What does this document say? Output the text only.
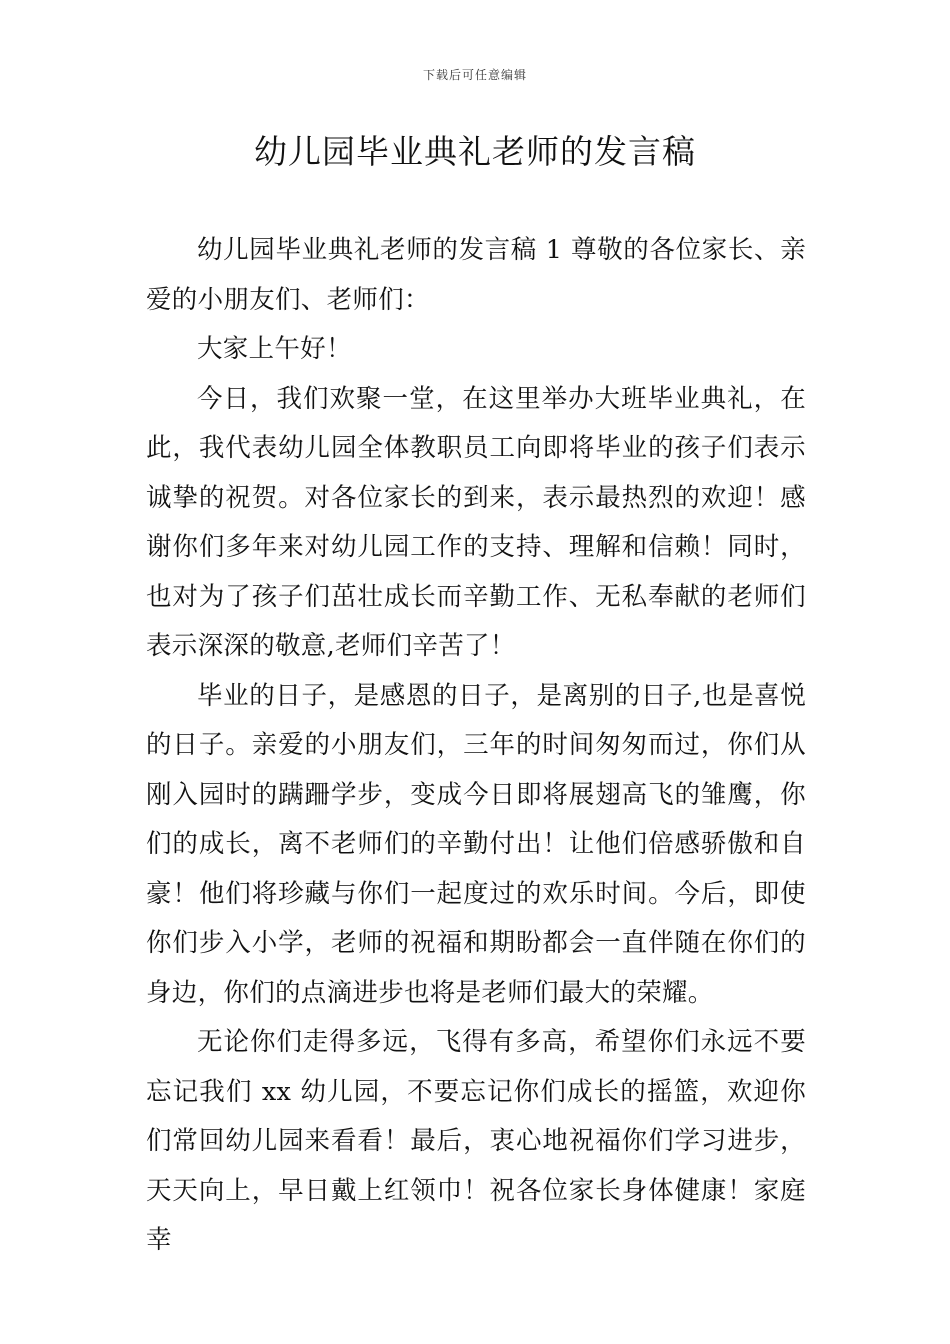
下载后可任意编辑
幼儿园毕业典礼老师的发言稿

幼儿园毕业典礼老师的发言稿 1 尊敬的各位家长、亲爱的小朋友们、老师们：

大家上午好！

今日，我们欢聚一堂，在这里举办大班毕业典礼，在此，我代表幼儿园全体教职员工向即将毕业的孩子们表示诚挚的祝贺。对各位家长的到来，表示最热烈的欢迎！感谢你们多年来对幼儿园工作的支持、理解和信赖！同时，也对为了孩子们茁壮成长而辛勤工作、无私奉献的老师们表示深深的敬意,老师们辛苦了！

毕业的日子，是感恩的日子，是离别的日子,也是喜悦的日子。亲爱的小朋友们，三年的时间匆匆而过，你们从刚入园时的蹒跚学步，变成今日即将展翅高飞的雏鹰，你们的成长，离不老师们的辛勤付出！让他们倍感骄傲和自豪！他们将珍藏与你们一起度过的欢乐时间。今后，即使你们步入小学，老师的祝福和期盼都会一直伴随在你们的身边，你们的点滴进步也将是老师们最大的荣耀。

无论你们走得多远，飞得有多高，希望你们永远不要忘记我们 xx 幼儿园，不要忘记你们成长的摇篮，欢迎你们常回幼儿园来看看！最后，衷心地祝福你们学习进步，天天向上，早日戴上红领巾！祝各位家长身体健康！家庭幸
